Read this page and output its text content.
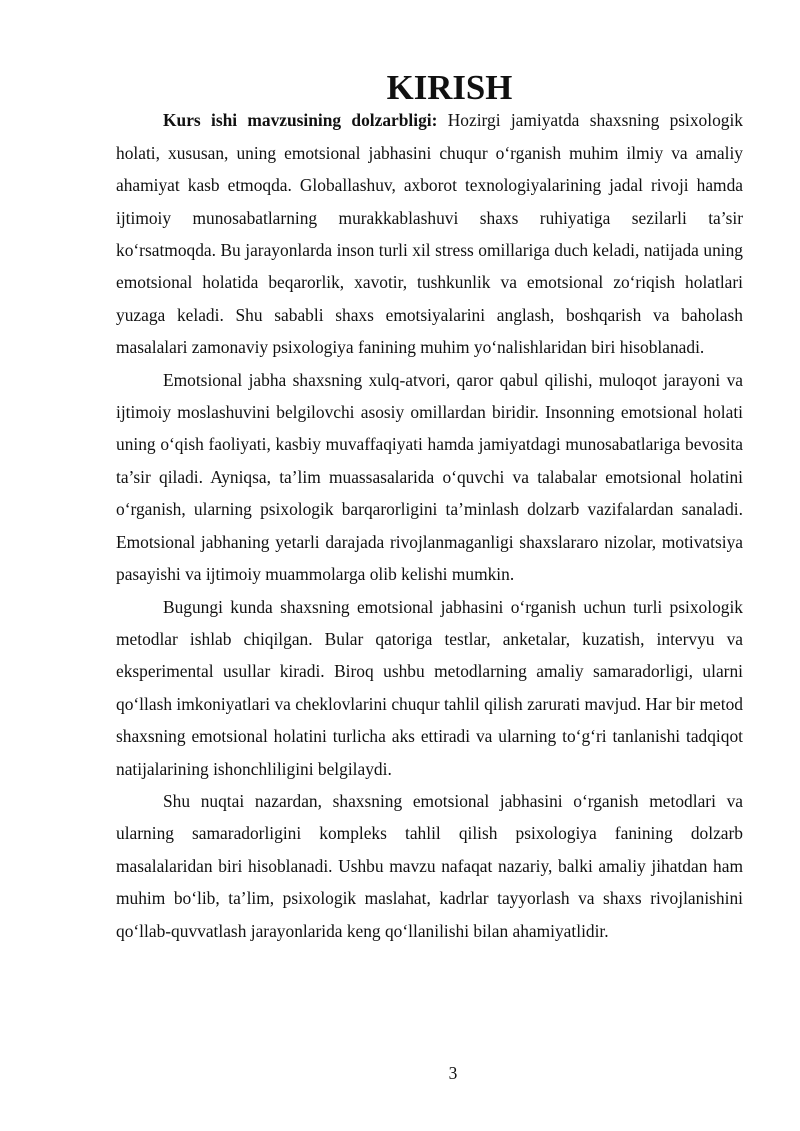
KIRISH

Kurs ishi mavzusining dolzarbligi: Hozirgi jamiyatda shaxsning psixologik holati, xususan, uning emotsional jabhasini chuqur o‘rganish muhim ilmiy va amaliy ahamiyat kasb etmoqda. Globallashuv, axborot texnologiyalarining jadal rivoji hamda ijtimoiy munosabatlarning murakkablashuvi shaxs ruhiyatiga sezilarli ta’sir ko‘rsatmoqda. Bu jarayonlarda inson turli xil stress omillariga duch keladi, natijada uning emotsional holatida beqarorlik, xavotir, tushkunlik va emotsional zo‘riqish holatlari yuzaga keladi. Shu sababli shaxs emotsiyalarini anglash, boshqarish va baholash masalalari zamonaviy psixologiya fanining muhim yo‘nalishlaridan biri hisoblanadi.

Emotsional jabha shaxsning xulq-atvori, qaror qabul qilishi, muloqot jarayoni va ijtimoiy moslashuvini belgilovchi asosiy omillardan biridir. Insonning emotsional holati uning o‘qish faoliyati, kasbiy muvaffaqiyati hamda jamiyatdagi munosabatlariga bevosita ta’sir qiladi. Ayniqsa, ta’lim muassasalarida o‘quvchi va talabalar emotsional holatini o‘rganish, ularning psixologik barqarorligini ta’minlash dolzarb vazifalardan sanaladi. Emotsional jabhaning yetarli darajada rivojlanmaganligi shaxslararo nizolar, motivatsiya pasayishi va ijtimoiy muammolarga olib kelishi mumkin.

Bugungi kunda shaxsning emotsional jabhasini o‘rganish uchun turli psixologik metodlar ishlab chiqilgan. Bular qatoriga testlar, anketalar, kuzatish, intervyu va eksperimental usullar kiradi. Biroq ushbu metodlarning amaliy samaradorligi, ularni qo‘llash imkoniyatlari va cheklovlarini chuqur tahlil qilish zarurati mavjud. Har bir metod shaxsning emotsional holatini turlicha aks ettiradi va ularning to‘g‘ri tanlanishi tadqiqot natijalarining ishonchliligini belgilaydi.

Shu nuqtai nazardan, shaxsning emotsional jabhasini o‘rganish metodlari va ularning samaradorligini kompleks tahlil qilish psixologiya fanining dolzarb masalalaridan biri hisoblanadi. Ushbu mavzu nafaqat nazariy, balki amaliy jihatdan ham muhim bo‘lib, ta’lim, psixologik maslahat, kadrlar tayyorlash va shaxs rivojlanishini qo‘llab-quvvatlash jarayonlarida keng qo‘llanilishi bilan ahamiyatlidir.

3
